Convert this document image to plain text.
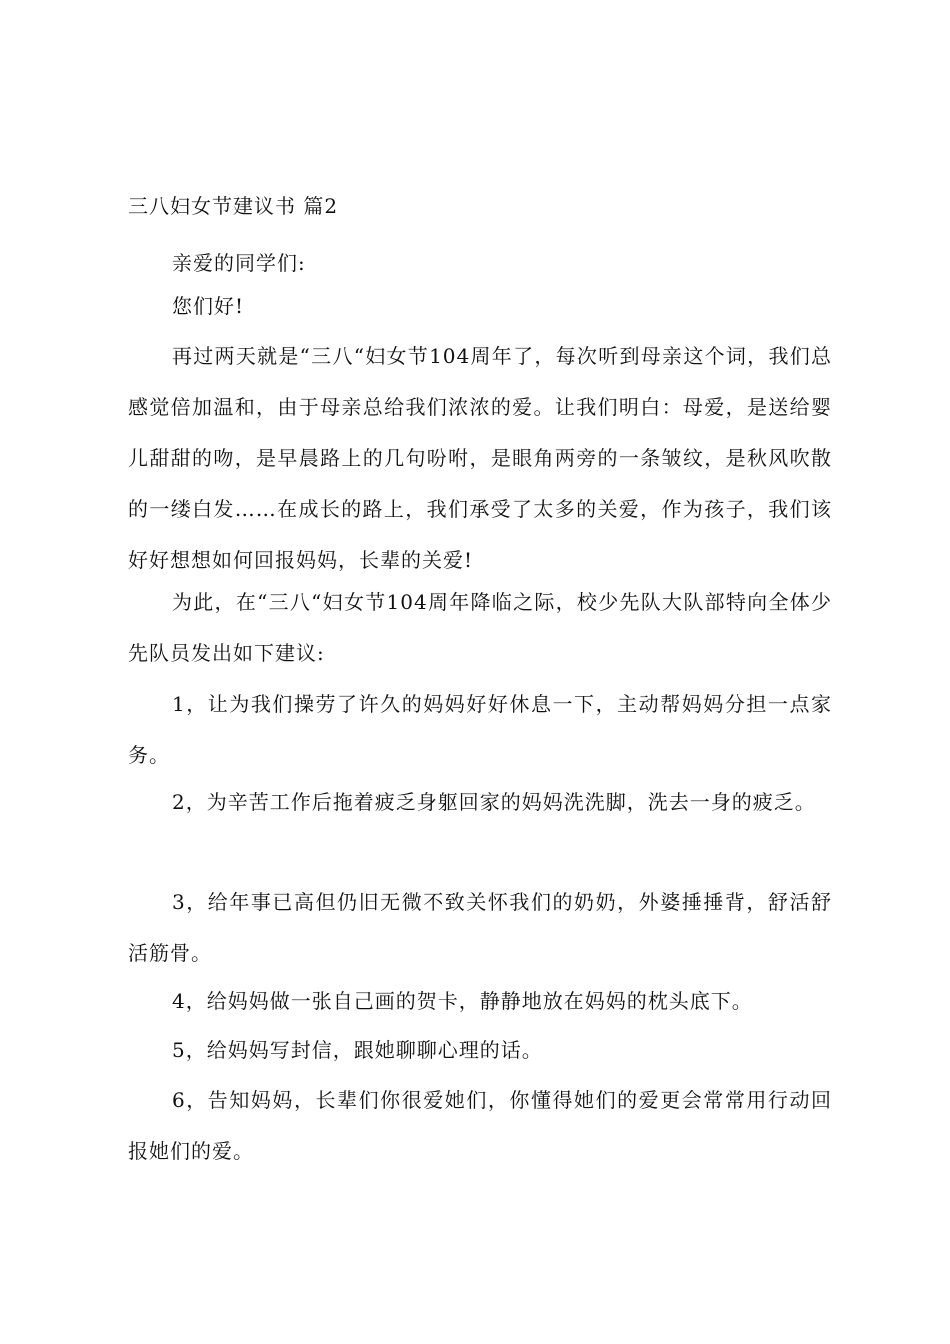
三八妇女节建议书 篇2

亲爱的同学们:

您们好!

再过两天就是“三八“妇女节104周年了，每次听到母亲这个词，我们总感觉倍加温和，由于母亲总给我们浓浓的爱。让我们明白：母爱，是送给婴儿甜甜的吻，是早晨路上的几句吩咐，是眼角两旁的一条皱纹，是秋风吹散的一缕白发……在成长的路上，我们承受了太多的关爱，作为孩子，我们该好好想想如何回报妈妈，长辈的关爱!

为此，在“三八“妇女节104周年降临之际，校少先队大队部特向全体少先队员发出如下建议:

1，让为我们操劳了许久的妈妈好好休息一下，主动帮妈妈分担一点家务。

2，为辛苦工作后拖着疲乏身躯回家的妈妈洗洗脚，洗去一身的疲乏。

3，给年事已高但仍旧无微不致关怀我们的奶奶，外婆捶捶背，舒活舒活筋骨。

4，给妈妈做一张自己画的贺卡，静静地放在妈妈的枕头底下。

5，给妈妈写封信，跟她聊聊心理的话。

6，告知妈妈，长辈们你很爱她们，你懂得她们的爱更会常常用行动回报她们的爱。
